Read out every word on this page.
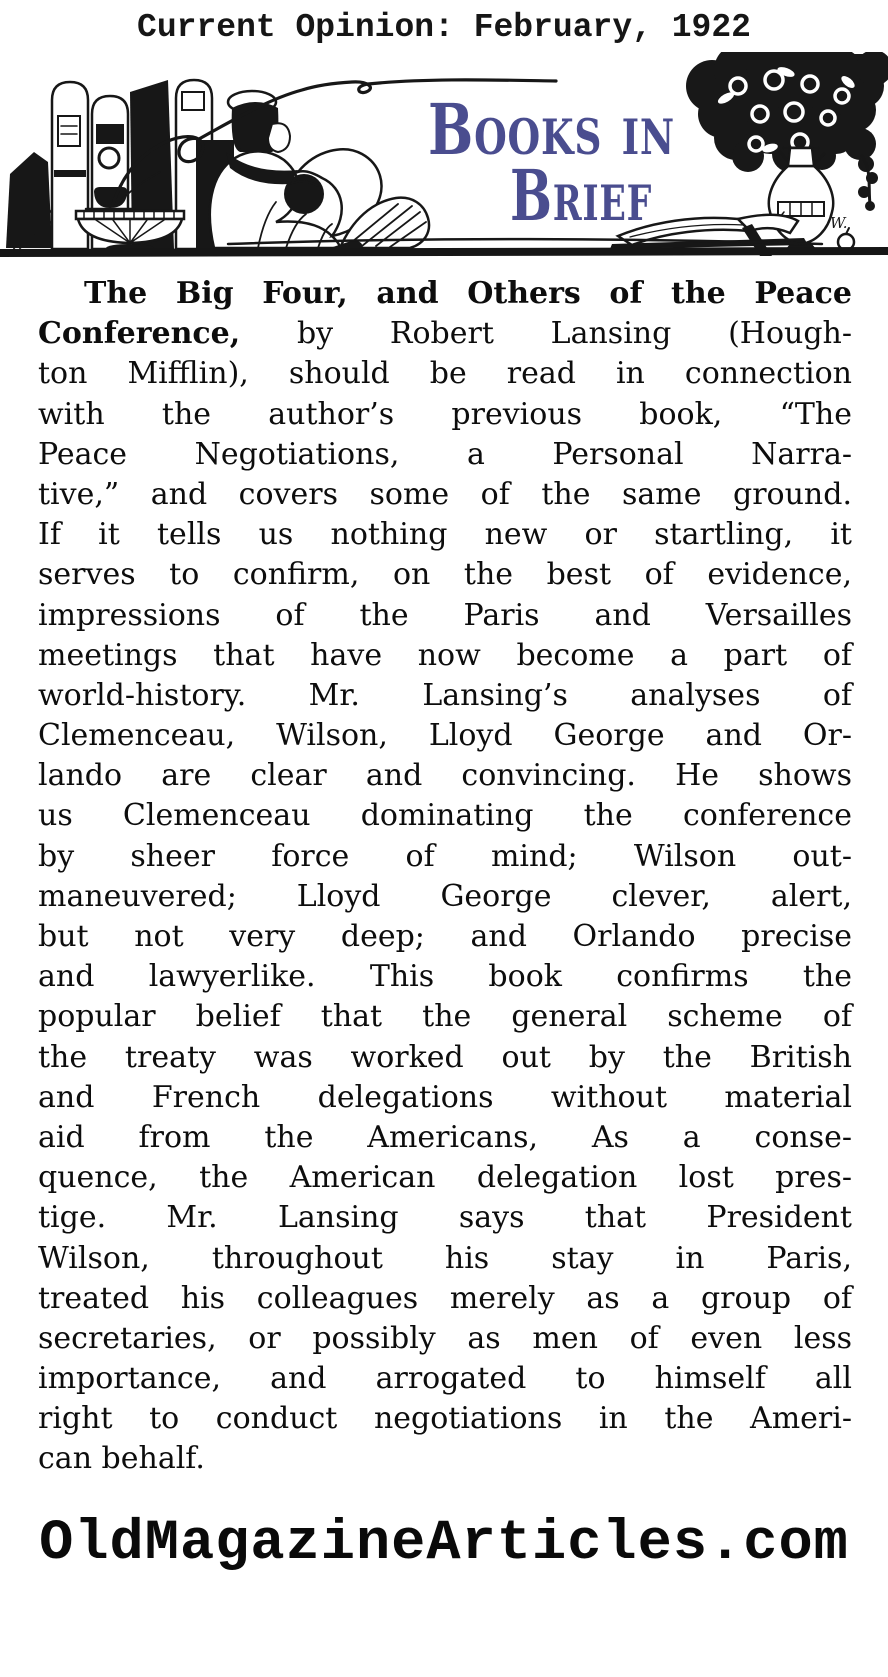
Current Opinion: February, 1922
Books in
Brief	W.
The Big Four, and Others of the Peace
Conference, by Robert Lansing (Hough-
ton Mifflin), should be read in connection
with the author’s previous book, “The
Peace Negotiations, a Personal Narra-
tive,” and covers some of the same ground.
If it tells us nothing new or startling, it
serves to confirm, on the best of evidence,
impressions of the Paris and Versailles
meetings that have now become a part of
world-history. Mr. Lansing’s analyses of
Clemenceau, Wilson, Lloyd George and Or-
lando are clear and convincing. He shows
us Clemenceau dominating the conference
by sheer force of mind; Wilson out-
maneuvered; Lloyd George clever, alert,
but not very deep; and Orlando precise
and lawyerlike. This book confirms the
popular belief that the general scheme of
the treaty was worked out by the British
and French delegations without material
aid from the Americans, As a conse-
quence, the American delegation lost pres-
tige. Mr. Lansing says that President
Wilson, throughout his stay in Paris,
treated his colleagues merely as a group of
secretaries, or possibly as men of even less
importance, and arrogated to himself all
right to conduct negotiations in the Ameri-
can behalf.
OldMagazineArticles.com
